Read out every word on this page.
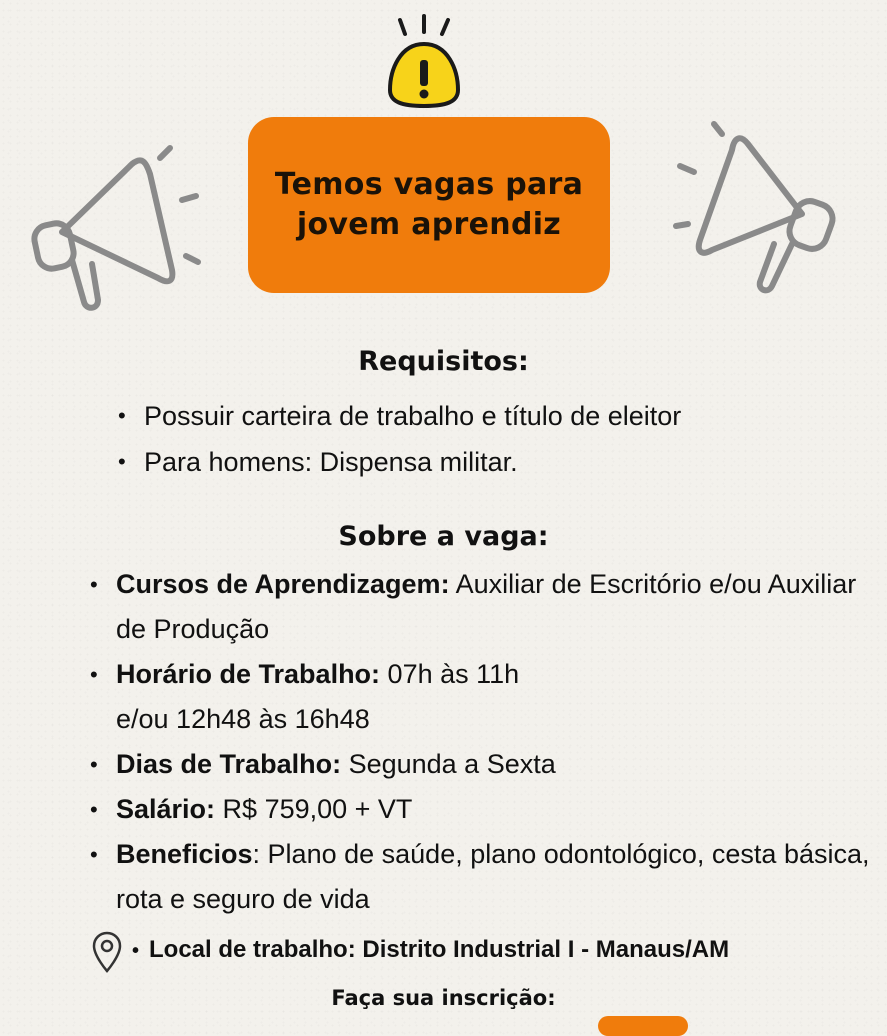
Temos vagas para jovem aprendiz
Requisitos:
• Possuir carteira de trabalho e título de eleitor
• Para homens: Dispensa militar.
Sobre a vaga:
• Cursos de Aprendizagem: Auxiliar de Escritório e/ou Auxiliar de Produção
• Horário de Trabalho: 07h às 11h
e/ou 12h48 às 16h48
• Dias de Trabalho: Segunda a Sexta
• Salário: R$ 759,00 + VT
• Beneficios: Plano de saúde, plano odontológico, cesta básica, rota e seguro de vida
• Local de trabalho: Distrito Industrial I - Manaus/AM
Faça sua inscrição:
